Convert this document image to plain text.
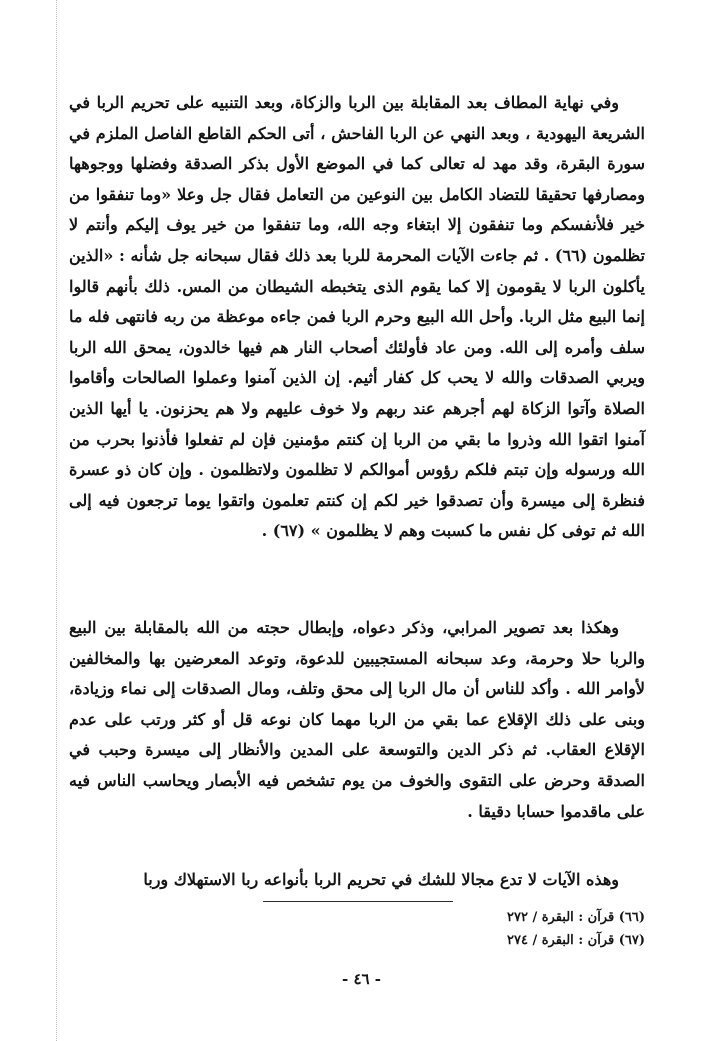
وفي نهاية المطاف بعد المقابلة بين الربا والزكاة، وبعد التنبيه على تحريم الربا في الشريعة اليهودية ، وبعد النهي عن الربا الفاحش ، أتى الحكم القاطع الفاصل الملزم في سورة البقرة، وقد مهد له تعالى كما في الموضع الأول بذكر الصدقة وفضلها ووجوهها ومصارفها تحقيقا للتضاد الكامل بين النوعين من التعامل فقال جل وعلا «وما تنفقوا من خير فلأنفسكم وما تنفقون إلا ابتغاء وجه الله، وما تنفقوا من خير يوف إليكم وأنتم لا تظلمون (٦٦) . ثم جاءت الآيات المحرمة للربا بعد ذلك فقال سبحانه جل شأنه : «الذين يأكلون الربا لا يقومون إلا كما يقوم الذى يتخبطه الشيطان من المس. ذلك بأنهم قالوا إنما البيع مثل الربا. وأحل الله البيع وحرم الربا فمن جاءه موعظة من ربه فانتهى فله ما سلف وأمره إلى الله. ومن عاد فأولئك أصحاب النار هم فيها خالدون، يمحق الله الربا ويربي الصدقات والله لا يحب كل كفار أثيم. إن الذين آمنوا وعملوا الصالحات وأقاموا الصلاة وآتوا الزكاة لهم أجرهم عند ربهم ولا خوف عليهم ولا هم يحزنون. يا أيها الذين آمنوا اتقوا الله وذروا ما بقي من الربا إن كنتم مؤمنين فإن لم تفعلوا فأذنوا بحرب من الله ورسوله وإن تبتم فلكم رؤوس أموالكم لا تظلمون ولاتظلمون . وإن كان ذو عسرة فنظرة إلى ميسرة وأن تصدقوا خير لكم إن كنتم تعلمون واتقوا يوما ترجعون فيه إلى الله ثم توفى كل نفس ما كسبت وهم لا يظلمون » (٦٧) .
وهكذا بعد تصوير المرابي، وذكر دعواه، وإبطال حجته من الله بالمقابلة بين البيع والربا حلا وحرمة، وعد سبحانه المستجيبين للدعوة، وتوعد المعرضين بها والمخالفين لأوامر الله . وأكد للناس أن مال الربا إلى محق وتلف، ومال الصدقات إلى نماء وزيادة، وبنى على ذلك الإقلاع عما بقي من الربا مهما كان نوعه قل أو كثر ورتب على عدم الإقلاع العقاب. ثم ذكر الدين والتوسعة على المدين والأنظار إلى ميسرة وحبب في الصدقة وحرض على التقوى والخوف من يوم تشخص فيه الأبصار ويحاسب الناس فيه على ماقدموا حسابا دقيقا .
وهذه الآيات لا تدع مجالا للشك في تحريم الربا بأنواعه ربا الاستهلاك وربا
(٦٦) قرآن : البقرة / ٢٧٢
(٦٧) قرآن : البقرة / ٢٧٤
- ٤٦ -
